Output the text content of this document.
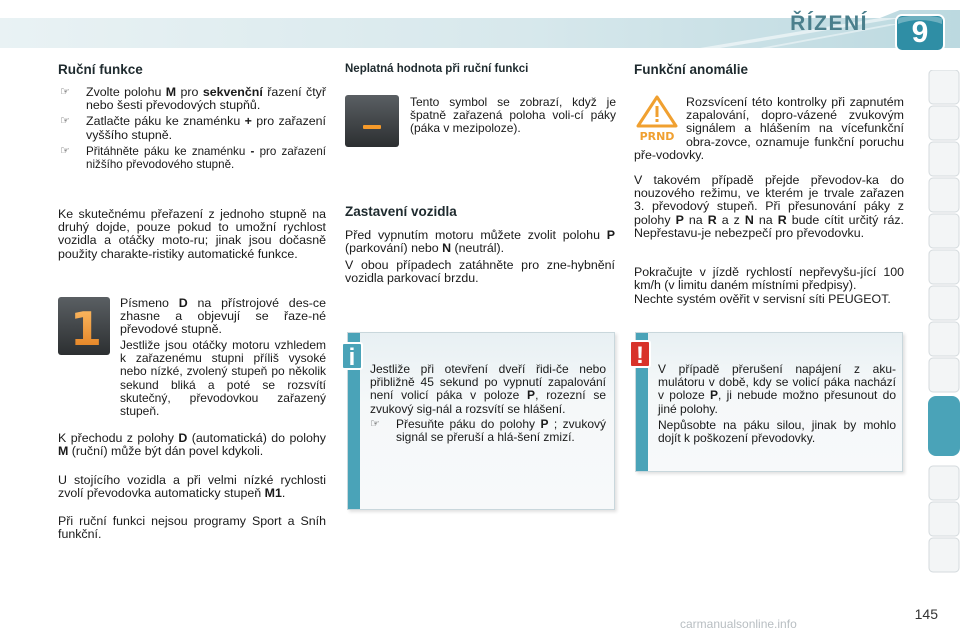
ŘÍZENÍ	9
Ruční funkce
☞	Zvolte polohu M pro sekvenční řazení čtyř nebo šesti převodových stupňů.
☞	Zatlačte páku ke znaménku + pro zařazení vyššího stupně.
☞	Přitáhněte páku ke znaménku - pro zařazení nižšího převodového stupně.

Ke skutečnému přeřazení z jednoho stupně na druhý dojde, pouze pokud to umožní rychlost vozidla a otáčky moto-ru; jinak jsou dočasně použity charakte-ristiky automatické funkce.

1 Písmeno D na přístrojové des-ce zhasne a objevují se řaze-né převodové stupně.

Jestliže jsou otáčky motoru vzhledem k zařazenému stupni příliš vysoké nebo nízké, zvolený stupeň po několik sekund bliká a poté se rozsvítí skutečný, převodovkou zařazený stupeň.

K přechodu z polohy D (automatická) do polohy M (ruční) může být dán povel kdykoli.

U stojícího vozidla a při velmi nízké rychlosti zvolí převodovka automaticky stupeň M1.

Při ruční funkci nejsou programy Sport a Sníh funkční.

Neplatná hodnota při ruční funkci

Tento symbol se zobrazí, když je špatně zařazená poloha voli-cí páky (páka v mezipoloze).

Zastavení vozidla

Před vypnutím motoru můžete zvolit polohu P (parkování) nebo N (neutrál).

V obou případech zatáhněte pro zne-hybnění vozidla parkovací brzdu.

Jestliže při otevření dveří řidi-če nebo přibližně 45 sekund po vypnutí zapalování není volicí páka v poloze P, rozezní se zvukový sig-nál a rozsvítí se hlášení.

☞	Přesuňte páku do polohy P ; zvukový signál se přeruší a hlá-šení zmizí.
i
Funkční anomálie
PRND

Rozsvícení této kontrolky při zapnutém zapalování, dopro-vázené zvukovým signálem a hlášením na vícefunkční obra-zovce, oznamuje funkční poruchu pře-vodovky.

V takovém případě přejde převodov-ka do nouzového režimu, ve kterém je trvale zařazen 3. převodový stupeň. Při přesunování páky z polohy P na R a z N na R bude cítit určitý ráz. Nepřestavu-je nebezpečí pro převodovku.

Pokračujte v jízdě rychlostí nepřevyšu-jící 100 km/h (v limitu daném místními předpisy).

Nechte systém ověřit v servisní síti PEUGEOT.

V případě přerušení napájení z aku-mulátoru v době, kdy se volicí páka nachází v poloze P, ji nebude možno přesunout do jiné polohy.

Nepůsobte na páku silou, jinak by mohlo dojít k poškození převodovky.

!
145
carmanualsonline.info
